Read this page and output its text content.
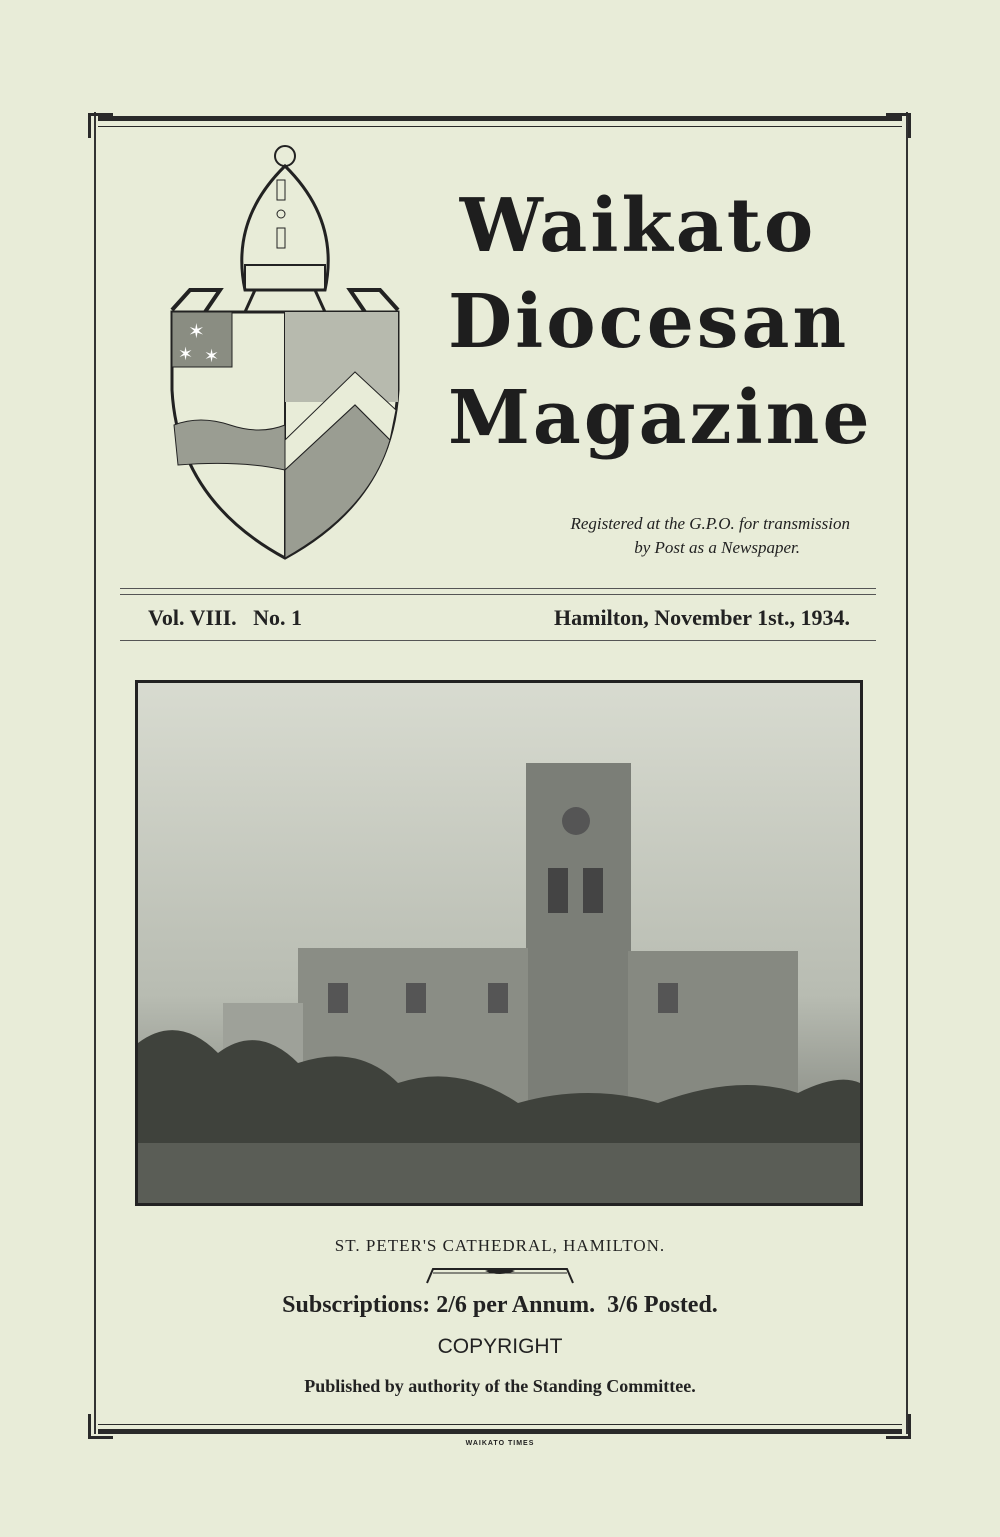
✶
✶ ✶
Waikato
Diocesan
Magazine
Registered at the G.P.O. for transmission
by Post as a Newspaper.
Vol. VIII.   No. 1	Hamilton, November 1st., 1934.
ST. PETER'S CATHEDRAL, HAMILTON.
Subscriptions: 2/6 per Annum.  3/6 Posted.
COPYRIGHT
Published by authority of the Standing Committee.
WAIKATO TIMES
